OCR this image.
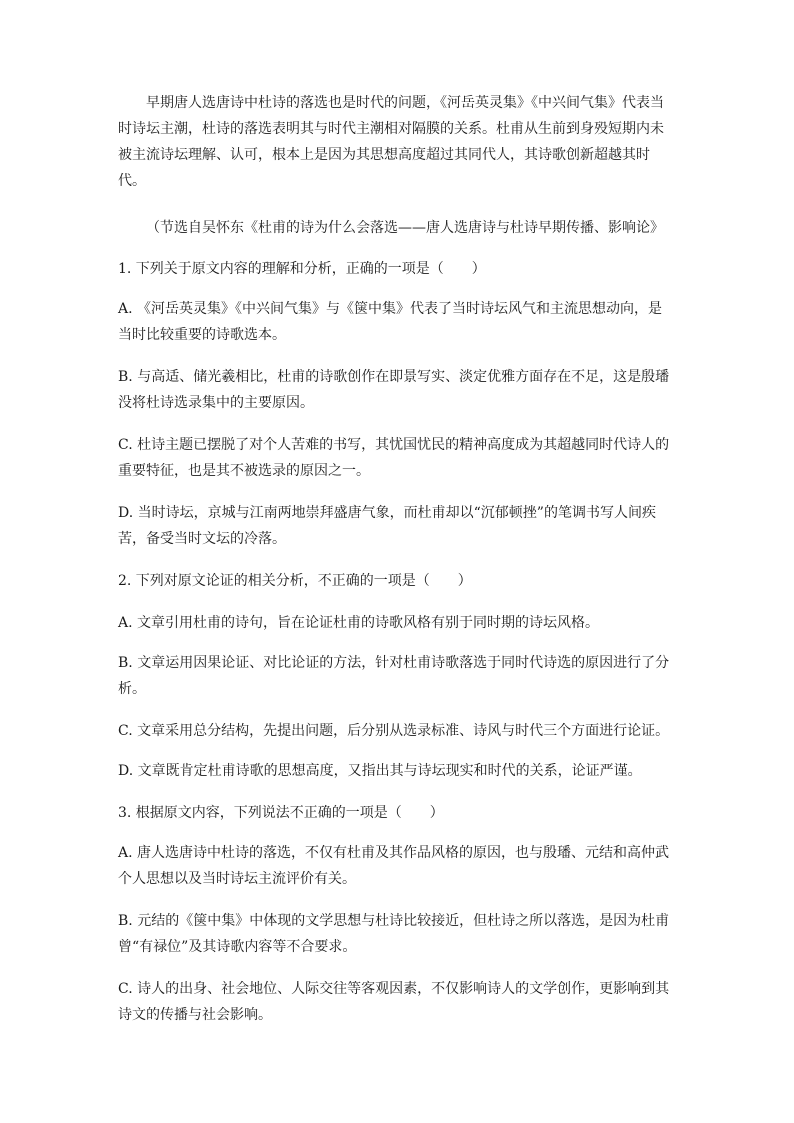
早期唐人选唐诗中杜诗的落选也是时代的问题，《河岳英灵集》《中兴间气集》代表当
时诗坛主潮，杜诗的落选表明其与时代主潮相对隔膜的关系。杜甫从生前到身殁短期内未
被主流诗坛理解、认可，根本上是因为其思想高度超过其同代人，其诗歌创新超越其时
代。
（节选自吴怀东《杜甫的诗为什么会落选——唐人选唐诗与杜诗早期传播、影响论》
1. 下列关于原文内容的理解和分析，正确的一项是（　　）
A. 《河岳英灵集》《中兴间气集》与《箧中集》代表了当时诗坛风气和主流思想动向，是
当时比较重要的诗歌选本。
B. 与高适、储光羲相比，杜甫的诗歌创作在即景写实、淡定优雅方面存在不足，这是殷璠
没将杜诗选录集中的主要原因。
C. 杜诗主题已摆脱了对个人苦难的书写，其忧国忧民的精神高度成为其超越同时代诗人的
重要特征，也是其不被选录的原因之一。
D. 当时诗坛，京城与江南两地崇拜盛唐气象，而杜甫却以“沉郁顿挫”的笔调书写人间疾
苦，备受当时文坛的冷落。
2. 下列对原文论证的相关分析，不正确的一项是（　　）
A. 文章引用杜甫的诗句，旨在论证杜甫的诗歌风格有别于同时期的诗坛风格。
B. 文章运用因果论证、对比论证的方法，针对杜甫诗歌落选于同时代诗选的原因进行了分
析。
C. 文章采用总分结构，先提出问题，后分别从选录标准、诗风与时代三个方面进行论证。
D. 文章既肯定杜甫诗歌的思想高度，又指出其与诗坛现实和时代的关系，论证严谨。
3. 根据原文内容，下列说法不正确的一项是（　　）
A. 唐人选唐诗中杜诗的落选，不仅有杜甫及其作品风格的原因，也与殷璠、元结和高仲武
个人思想以及当时诗坛主流评价有关。
B. 元结的《箧中集》中体现的文学思想与杜诗比较接近，但杜诗之所以落选，是因为杜甫
曾“有禄位”及其诗歌内容等不合要求。
C. 诗人的出身、社会地位、人际交往等客观因素，不仅影响诗人的文学创作，更影响到其
诗文的传播与社会影响。
